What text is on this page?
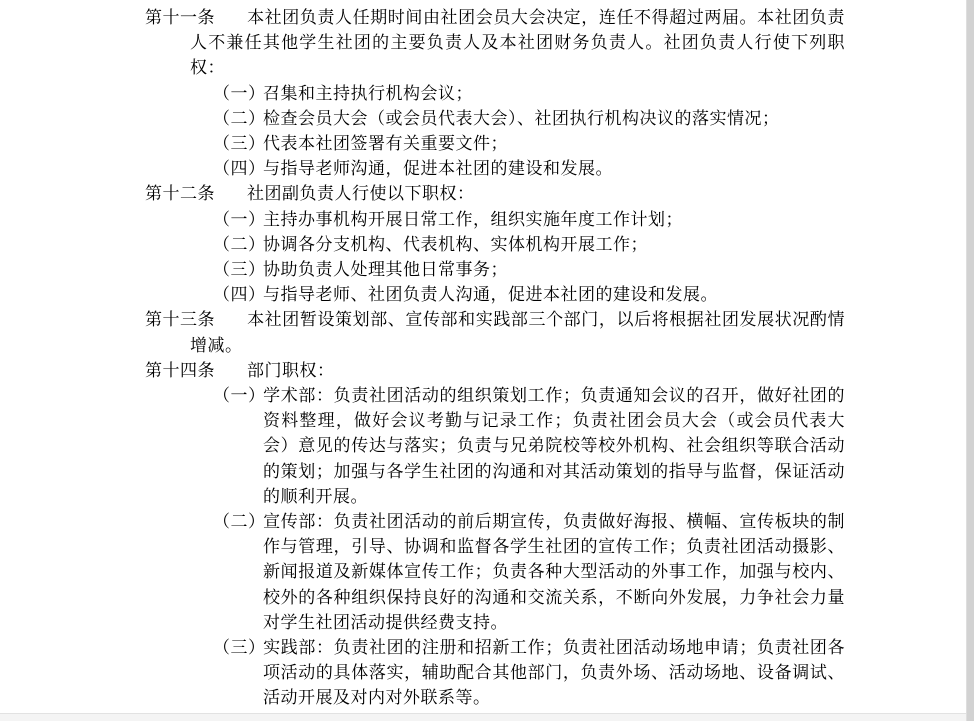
第十一条 本社团负责人任期时间由社团会员大会决定，连任不得超过两届。本社团负责人不兼任其他学生社团的主要负责人及本社团财务负责人。社团负责人行使下列职权：

（一）召集和主持执行机构会议；

（二）检查会员大会（或会员代表大会）、社团执行机构决议的落实情况；

（三）代表本社团签署有关重要文件；

（四）与指导老师沟通，促进本社团的建设和发展。

第十二条 社团副负责人行使以下职权：

（一）主持办事机构开展日常工作，组织实施年度工作计划；

（二）协调各分支机构、代表机构、实体机构开展工作；

（三）协助负责人处理其他日常事务；

（四）与指导老师、社团负责人沟通，促进本社团的建设和发展。

第十三条 本社团暂设策划部、宣传部和实践部三个部门，以后将根据社团发展状况酌情增减。

第十四条 部门职权：

（一）学术部：负责社团活动的组织策划工作；负责通知会议的召开，做好社团的资料整理，做好会议考勤与记录工作；负责社团会员大会（或会员代表大会）意见的传达与落实；负责与兄弟院校等校外机构、社会组织等联合活动的策划；加强与各学生社团的沟通和对其活动策划的指导与监督，保证活动的顺利开展。

（二）宣传部：负责社团活动的前后期宣传，负责做好海报、横幅、宣传板块的制作与管理，引导、协调和监督各学生社团的宣传工作；负责社团活动摄影、新闻报道及新媒体宣传工作；负责各种大型活动的外事工作，加强与校内、校外的各种组织保持良好的沟通和交流关系，不断向外发展，力争社会力量对学生社团活动提供经费支持。

（三）实践部：负责社团的注册和招新工作；负责社团活动场地申请；负责社团各项活动的具体落实，辅助配合其他部门，负责外场、活动场地、设备调试、活动开展及对内对外联系等。
